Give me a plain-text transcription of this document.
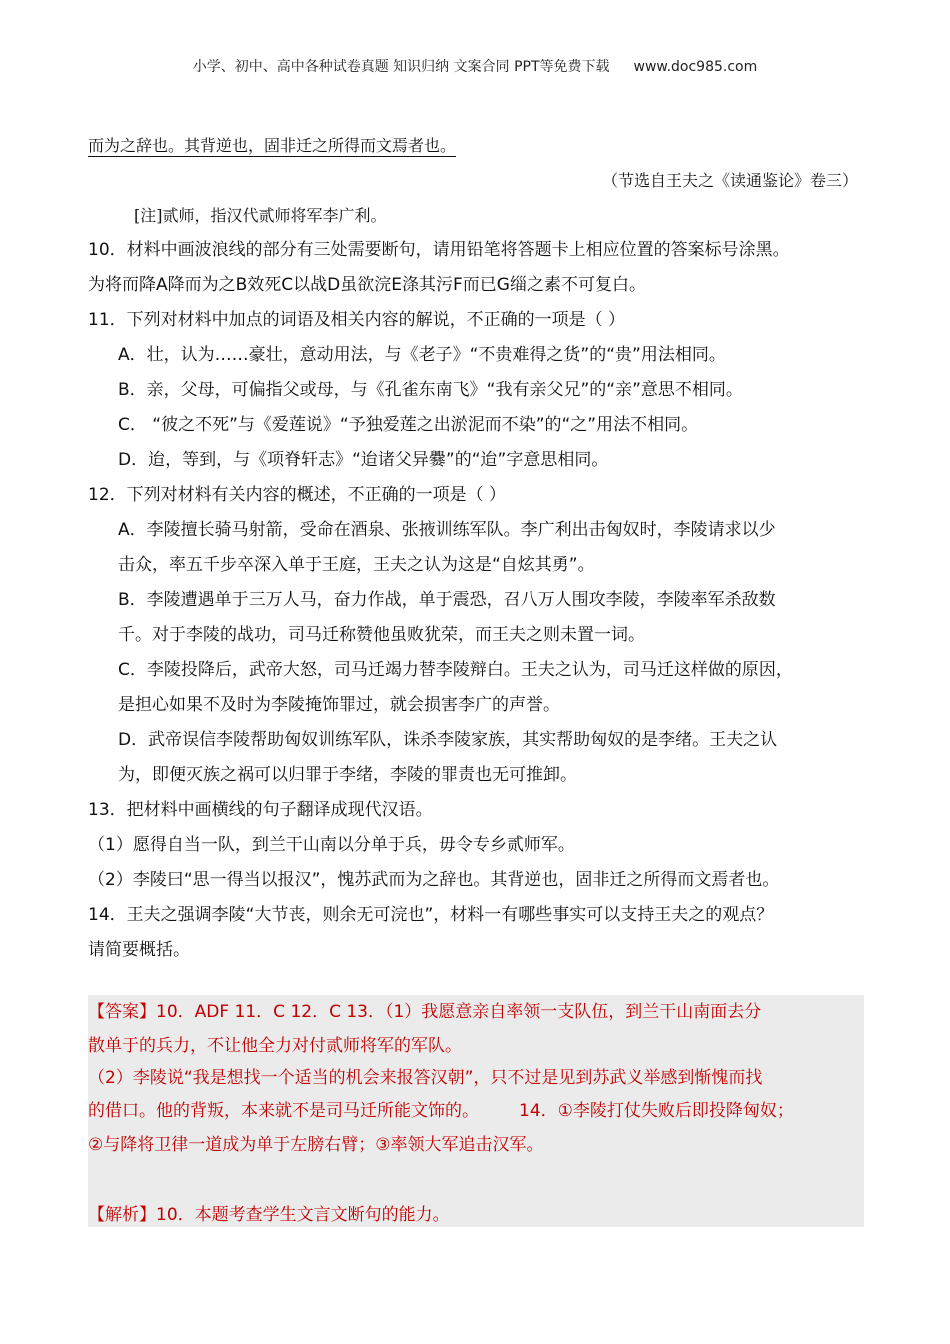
小学、初中、高中各种试卷真题 知识归纳 文案合同 PPT等免费下载 www.doc985.com
而为之辞也。其背逆也，固非迁之所得而文焉者也。
（节选自王夫之《读通鉴论》卷三）
[注]贰师，指汉代贰师将军李广利。
10．材料中画波浪线的部分有三处需要断句，请用铅笔将答题卡上相应位置的答案标号涂黑。
为将而降A降而为之B效死C以战D虽欲浣E涤其污F而已G缁之素不可复白。
11．下列对材料中加点的词语及相关内容的解说，不正确的一项是（ ）
A．壮，认为……豪壮，意动用法，与《老子》“不贵难得之货”的“贵”用法相同。
B．亲，父母，可偏指父或母，与《孔雀东南飞》“我有亲父兄”的“亲”意思不相同。
C． “彼之不死”与《爱莲说》“予独爱莲之出淤泥而不染”的“之”用法不相同。
D．迨，等到，与《项脊轩志》“迨诸父异爨”的“迨”字意思相同。
12．下列对材料有关内容的概述，不正确的一项是（ ）
A．李陵擅长骑马射箭，受命在酒泉、张掖训练军队。李广利出击匈奴时，李陵请求以少
击众，率五千步卒深入单于王庭，王夫之认为这是“自炫其勇”。
B．李陵遭遇单于三万人马，奋力作战，单于震恐，召八万人围攻李陵，李陵率军杀敌数
千。对于李陵的战功，司马迁称赞他虽败犹荣，而王夫之则未置一词。
C．李陵投降后，武帝大怒，司马迁竭力替李陵辩白。王夫之认为，司马迁这样做的原因，
是担心如果不及时为李陵掩饰罪过，就会损害李广的声誉。
D．武帝误信李陵帮助匈奴训练军队，诛杀李陵家族，其实帮助匈奴的是李绪。王夫之认
为，即便灭族之祸可以归罪于李绪，李陵的罪责也无可推卸。
13．把材料中画横线的句子翻译成现代汉语。
（1）愿得自当一队，到兰干山南以分单于兵，毋令专乡贰师军。
（2）李陵曰“思一得当以报汉”，愧苏武而为之辞也。其背逆也，固非迁之所得而文焉者也。
14．王夫之强调李陵“大节丧，则余无可浣也”，材料一有哪些事实可以支持王夫之的观点？
请简要概括。
【答案】10．ADF 11．C 12．C 13．（1）我愿意亲自率领一支队伍，到兰干山南面去分
散单于的兵力，不让他全力对付贰师将军的军队。
（2）李陵说“我是想找一个适当的机会来报答汉朝”，只不过是见到苏武义举感到惭愧而找
的借口。他的背叛，本来就不是司马迁所能文饰的。 14．①李陵打仗失败后即投降匈奴；
②与降将卫律一道成为单于左膀右臂；③率领大军追击汉军。
【解析】10．本题考查学生文言文断句的能力。
